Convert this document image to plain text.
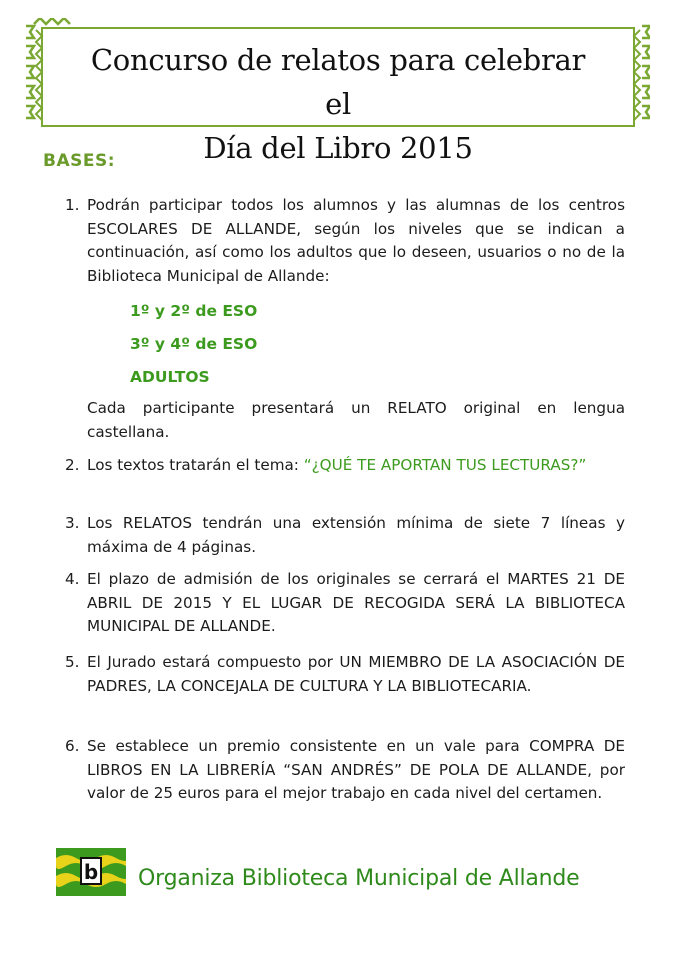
Concurso de relatos para celebrar el
Día del Libro 2015
BASES:
1. Podrán participar todos los alumnos y las alumnas de los centros ESCOLARES DE ALLANDE, según los niveles que se indican a continuación, así como los adultos que lo deseen, usuarios o no de la Biblioteca Municipal de Allande:
1º y 2º de ESO
3º y 4º de ESO
ADULTOS
Cada participante presentará un RELATO original en lengua castellana.
2. Los textos tratarán el tema: “¿QUÉ TE APORTAN TUS LECTURAS?”
3. Los RELATOS tendrán una extensión mínima de siete 7 líneas y máxima de 4 páginas.
4. El plazo de admisión de los originales se cerrará el MARTES 21 DE ABRIL DE 2015 Y EL LUGAR DE RECOGIDA SERÁ LA BIBLIOTECA MUNICIPAL DE ALLANDE.
5. El Jurado estará compuesto por UN MIEMBRO DE LA ASOCIACIÓN DE PADRES, LA CONCEJALA DE CULTURA Y LA BIBLIOTECARIA.
6. Se establece un premio consistente en un vale para COMPRA DE LIBROS EN LA LIBRERÍA “SAN ANDRÉS” DE POLA DE ALLANDE, por valor de 25 euros para el mejor trabajo en cada nivel del certamen.
b Organiza Biblioteca Municipal de Allande
